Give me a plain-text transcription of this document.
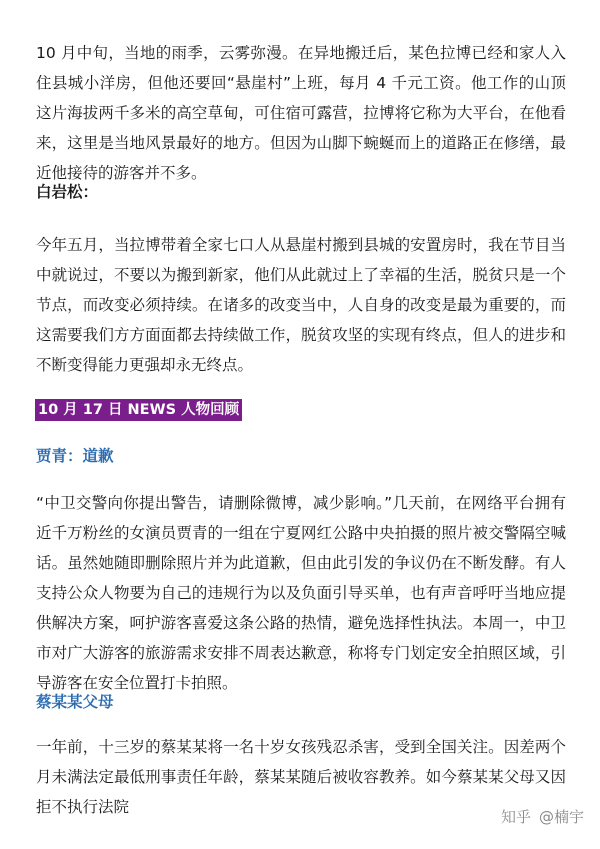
10 月中旬，当地的雨季，云雾弥漫。在异地搬迁后，某色拉博已经和家人入住县城小洋房，但他还要回“悬崖村”上班，每月 4 千元工资。他工作的山顶这片海拔两千多米的高空草甸，可住宿可露营，拉博将它称为大平台，在他看来，这里是当地风景最好的地方。但因为山脚下蜿蜒而上的道路正在修缮，最近他接待的游客并不多。

白岩松：

今年五月，当拉博带着全家七口人从悬崖村搬到县城的安置房时，我在节目当中就说过，不要以为搬到新家，他们从此就过上了幸福的生活，脱贫只是一个节点，而改变必须持续。在诸多的改变当中，人自身的改变是最为重要的，而这需要我们方方面面都去持续做工作，脱贫攻坚的实现有终点，但人的进步和不断变得能力更强却永无终点。

10 月 17 日 NEWS 人物回顾

贾青：道歉

“中卫交警向你提出警告，请删除微博，减少影响。”几天前，在网络平台拥有近千万粉丝的女演员贾青的一组在宁夏网红公路中央拍摄的照片被交警隔空喊话。虽然她随即删除照片并为此道歉，但由此引发的争议仍在不断发酵。有人支持公众人物要为自己的违规行为以及负面引导买单，也有声音呼吁当地应提供解决方案，呵护游客喜爱这条公路的热情，避免选择性执法。本周一，中卫市对广大游客的旅游需求安排不周表达歉意，称将专门划定安全拍照区域，引导游客在安全位置打卡拍照。

蔡某某父母

一年前，十三岁的蔡某某将一名十岁女孩残忍杀害，受到全国关注。因差两个月未满法定最低刑事责任年龄，蔡某某随后被收容教养。如今蔡某某父母又因拒不执行法院

知乎 @楠宇
